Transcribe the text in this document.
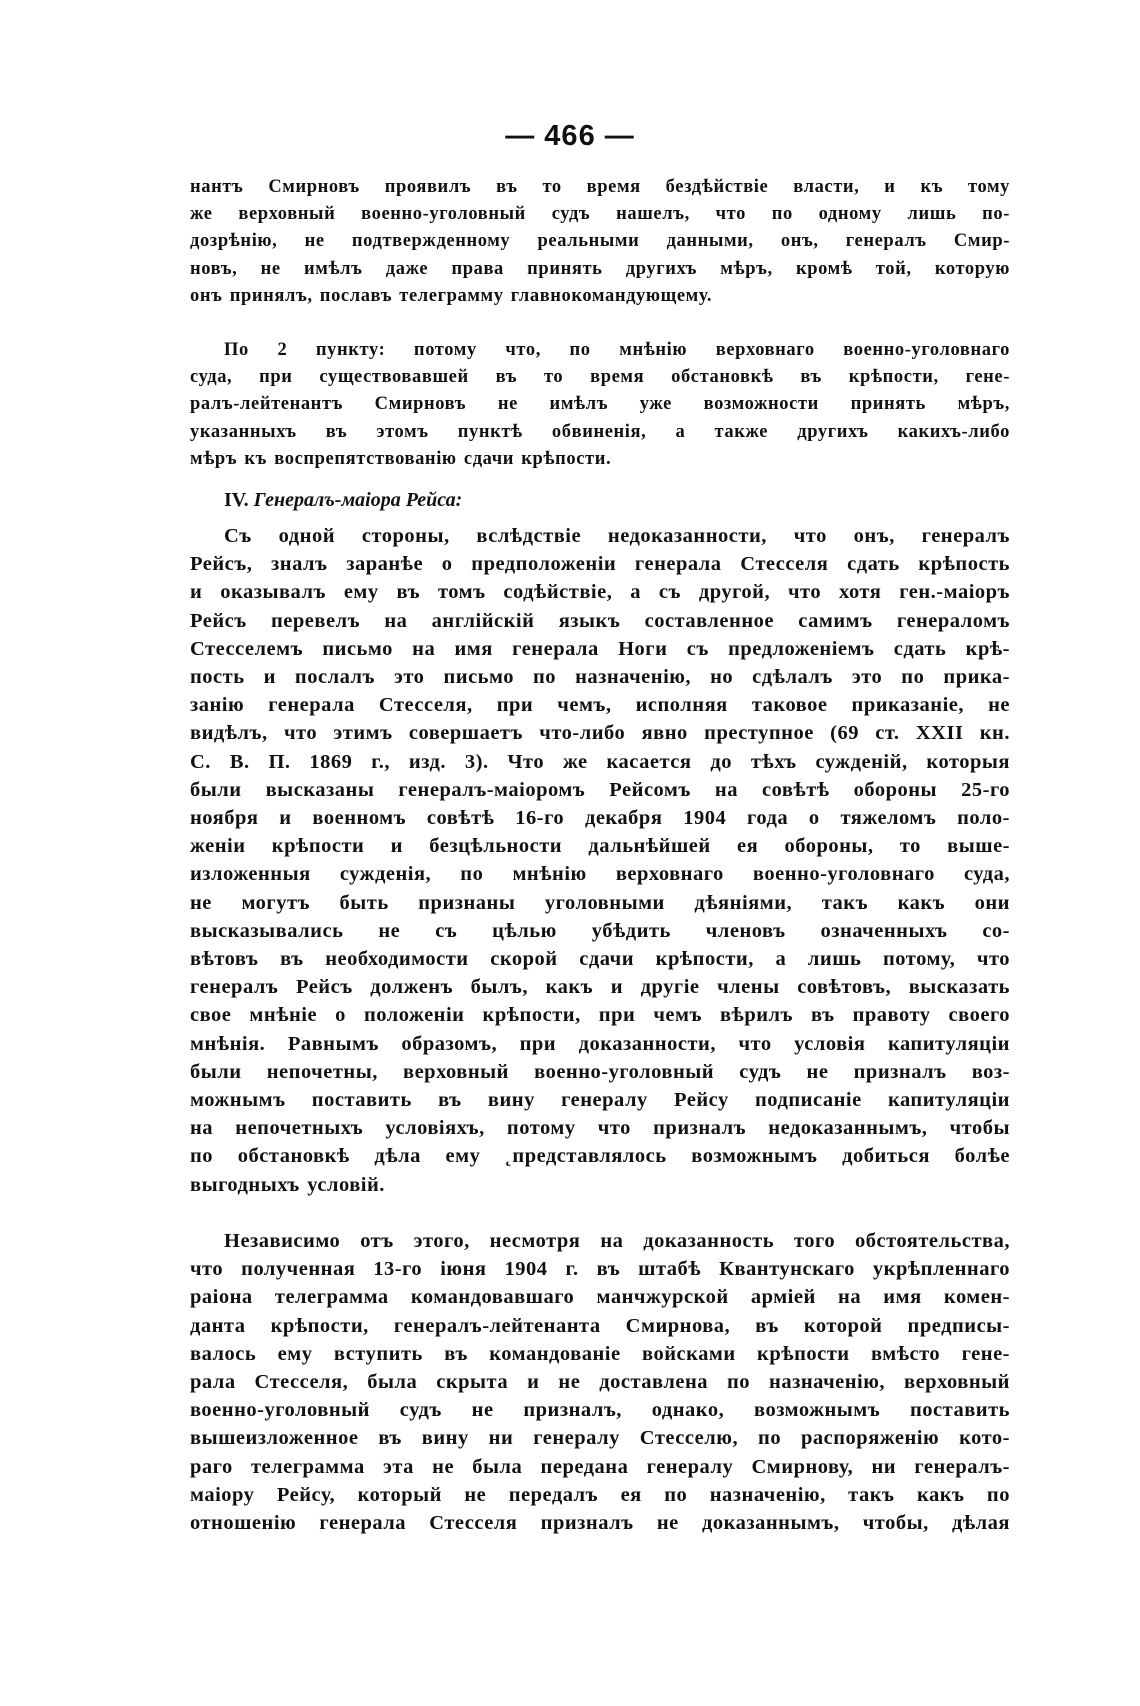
— 466 —
нантъ Смирновъ проявилъ въ то время бездѣйствіе власти, и къ тому
же верховный военно-уголовный судъ нашелъ, что по одному лишь по-
дозрѣнію, не подтвержденному реальными данными, онъ, генералъ Смир-
новъ, не имѣлъ даже права принять другихъ мѣръ, кромѣ той, которую
онъ принялъ, пославъ телеграмму главнокомандующему.
По 2 пункту: потому что, по мнѣнію верховнаго военно-уголовнаго
суда, при существовавшей въ то время обстановкѣ въ крѣпости, гене-
ралъ-лейтенантъ Смирновъ не имѣлъ уже возможности принять мѣръ,
указанныхъ въ этомъ пунктѣ обвиненія, а также другихъ какихъ-либо
мѣръ къ воспрепятствованію сдачи крѣпости.
IV. Генералъ-маіора Рейса:
Съ одной стороны, вслѣдствіе недоказанности, что онъ, генералъ
Рейсъ, зналъ заранѣе о предположеніи генерала Стесселя сдать крѣпость
и оказывалъ ему въ томъ содѣйствіе, а съ другой, что хотя ген.-маіоръ
Рейсъ перевелъ на англійскій языкъ составленное самимъ генераломъ
Стесселемъ письмо на имя генерала Ноги съ предложеніемъ сдать крѣ-
пость и послалъ это письмо по назначенію, но сдѣлалъ это по прика-
занію генерала Стесселя, при чемъ, исполняя таковое приказаніе, не
видѣлъ, что этимъ совершаетъ что-либо явно преступное (69 ст. XXII кн.
С. В. П. 1869 г., изд. 3). Что же касается до тѣхъ сужденій, которыя
были высказаны генералъ-маіоромъ Рейсомъ на совѣтѣ обороны 25-го
ноября и военномъ совѣтѣ 16-го декабря 1904 года о тяжеломъ поло-
женіи крѣпости и безцѣльности дальнѣйшей ея обороны, то выше-
изложенныя сужденія, по мнѣнію верховнаго военно-уголовнаго суда,
не могутъ быть признаны уголовными дѣяніями, такъ какъ они
высказывались не съ цѣлью убѣдить членовъ означенныхъ со-
вѣтовъ въ необходимости скорой сдачи крѣпости, а лишь потому, что
генералъ Рейсъ долженъ былъ, какъ и другіе члены совѣтовъ, высказать
свое мнѣніе о положеніи крѣпости, при чемъ вѣрилъ въ правоту своего
мнѣнія. Равнымъ образомъ, при доказанности, что условія капитуляціи
были непочетны, верховный военно-уголовный судъ не призналъ воз-
можнымъ поставить въ вину генералу Рейсу подписаніе капитуляціи
на непочетныхъ условіяхъ, потому что призналъ недоказаннымъ, чтобы
по обстановкѣ дѣла ему ˛представлялось возможнымъ добиться болѣе
выгодныхъ условій.
Независимо отъ этого, несмотря на доказанность того обстоятельства,
что полученная 13-го іюня 1904 г. въ штабѣ Квантунскаго укрѣпленнаго
раіона телеграмма командовавшаго манчжурской арміей на имя комен-
данта крѣпости, генералъ-лейтенанта Смирнова, въ которой предписы-
валось ему вступить въ командованіе войсками крѣпости вмѣсто гене-
рала Стесселя, была скрыта и не доставлена по назначенію, верховный
военно-уголовный судъ не призналъ, однако, возможнымъ поставить
вышеизложенное въ вину ни генералу Стесселю, по распоряженію кото-
раго телеграмма эта не была передана генералу Смирнову, ни генералъ-
маіору Рейсу, который не передалъ ея по назначенію, такъ какъ по
отношенію генерала Стесселя призналъ не доказаннымъ, чтобы, дѣлая
